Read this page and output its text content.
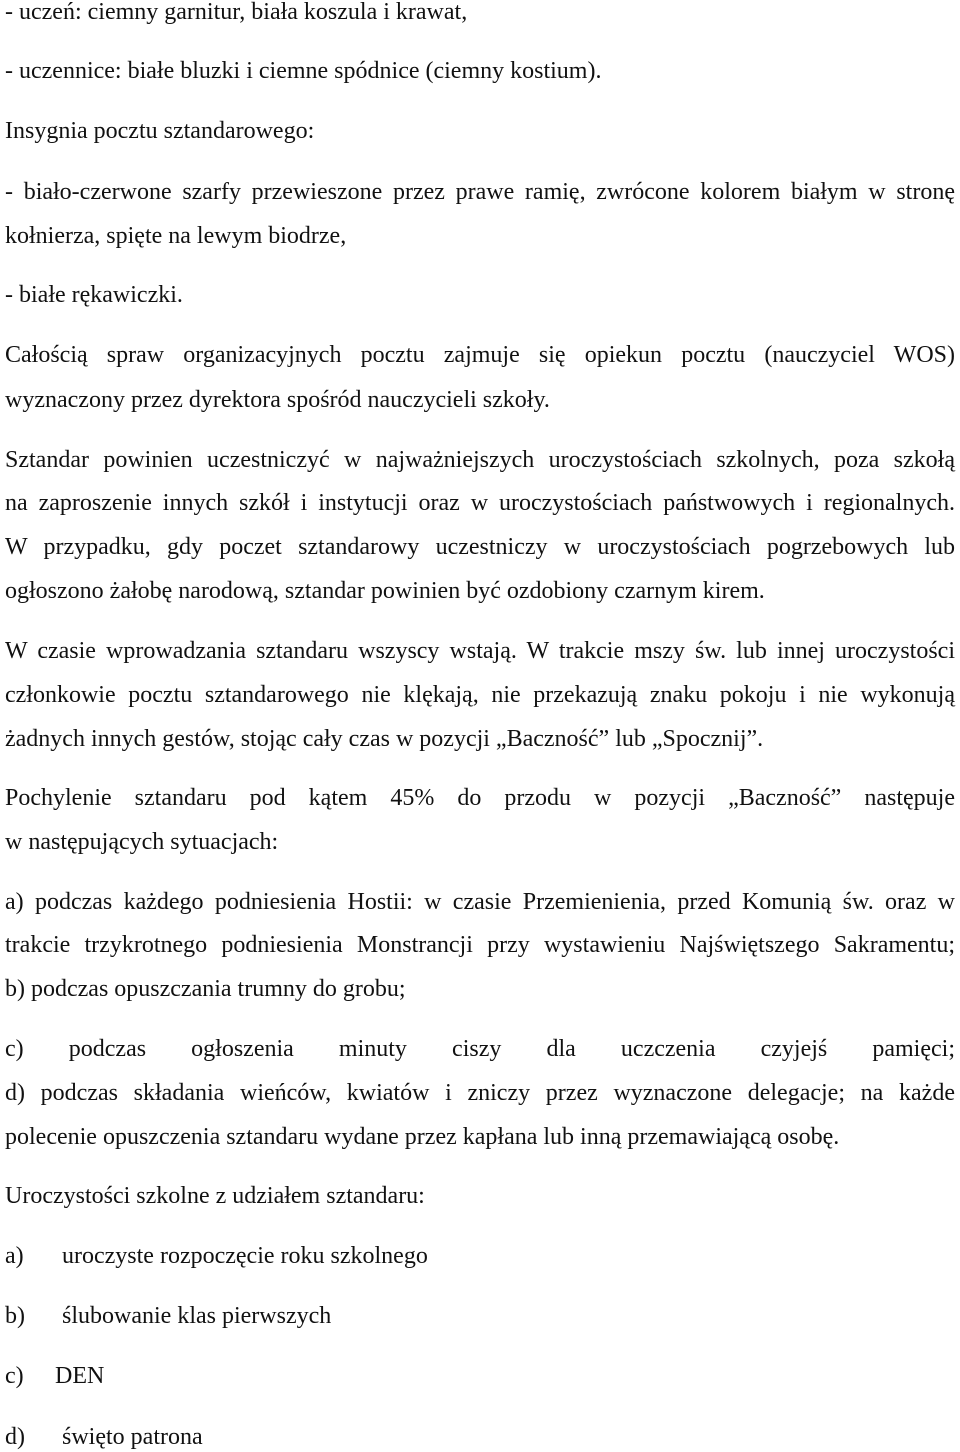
- uczeń: ciemny garnitur, biała koszula i krawat,
- uczennice: białe bluzki i ciemne spódnice (ciemny kostium).
Insygnia pocztu sztandarowego:
- biało-czerwone szarfy przewieszone przez prawe ramię, zwrócone kolorem białym w stronę
kołnierza, spięte na lewym biodrze,
- białe rękawiczki.
Całością spraw organizacyjnych pocztu zajmuje się opiekun pocztu (nauczyciel WOS)
wyznaczony przez dyrektora spośród nauczycieli szkoły.
Sztandar powinien uczestniczyć w najważniejszych uroczystościach szkolnych, poza szkołą
na zaproszenie innych szkół i instytucji oraz w uroczystościach państwowych i regionalnych.
W przypadku, gdy poczet sztandarowy uczestniczy w uroczystościach pogrzebowych lub
ogłoszono żałobę narodową, sztandar powinien być ozdobiony czarnym kirem.
W czasie wprowadzania sztandaru wszyscy wstają. W trakcie mszy św. lub innej uroczystości
członkowie pocztu sztandarowego nie klękają, nie przekazują znaku pokoju i nie wykonują
żadnych innych gestów, stojąc cały czas w pozycji „Baczność” lub „Spocznij”.
Pochylenie sztandaru pod kątem 45% do przodu w pozycji „Baczność” następuje
w następujących sytuacjach:
a) podczas każdego podniesienia Hostii: w czasie Przemienienia, przed Komunią św. oraz w
trakcie trzykrotnego podniesienia Monstrancji przy wystawieniu Najświętszego Sakramentu;
b) podczas opuszczania trumny do grobu;
c) podczas ogłoszenia minuty ciszy dla uczczenia czyjejś pamięci;
d) podczas składania wieńców, kwiatów i zniczy przez wyznaczone delegacje; na każde
polecenie opuszczenia sztandaru wydane przez kapłana lub inną przemawiającą osobę.
Uroczystości szkolne z udziałem sztandaru:
a) uroczyste rozpoczęcie roku szkolnego
b) ślubowanie klas pierwszych
c) DEN
d) święto patrona
